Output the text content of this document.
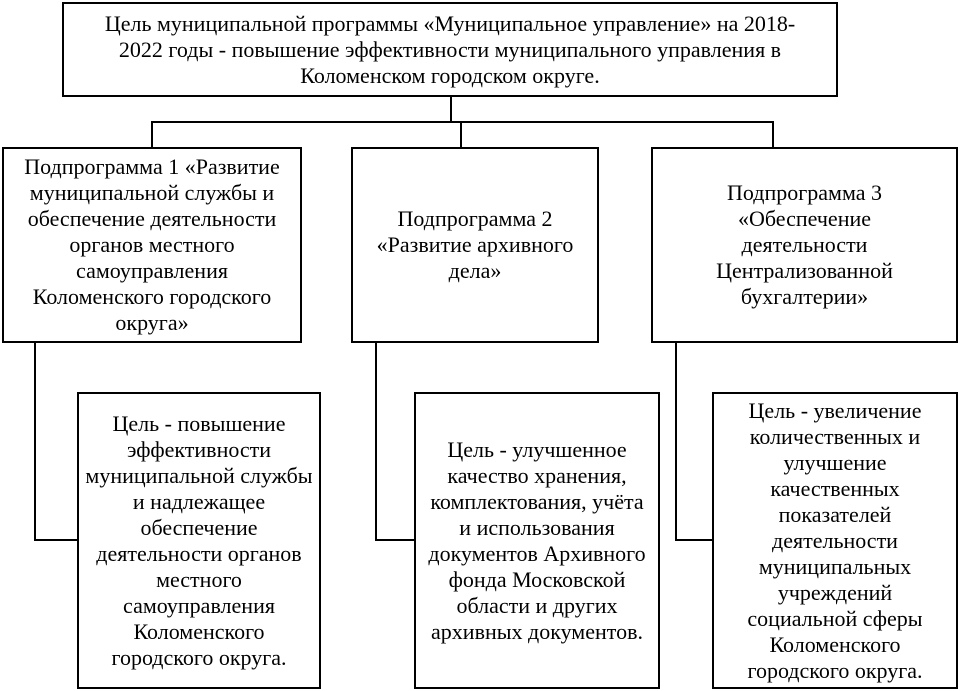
Цель муниципальной программы «Муниципальное управление» на 2018-2022 годы - повышение эффективности муниципального управления в Коломенском городском округе.
Подпрограмма 1 «Развитие муниципальной службы и обеспечение деятельности органов местного самоуправления Коломенского городского округа»
Подпрограмма 2 «Развитие архивного дела»
Подпрограмма 3 «Обеспечение деятельности Централизованной бухгалтерии»
Цель - повышение эффективности муниципальной службы и надлежащее обеспечение деятельности органов местного самоуправления Коломенского городского округа.
Цель - улучшенное качество хранения, комплектования, учёта и использования документов Архивного фонда Московской области и других архивных документов.
Цель - увеличение количественных и улучшение качественных показателей деятельности муниципальных учреждений социальной сферы Коломенского городского округа.
